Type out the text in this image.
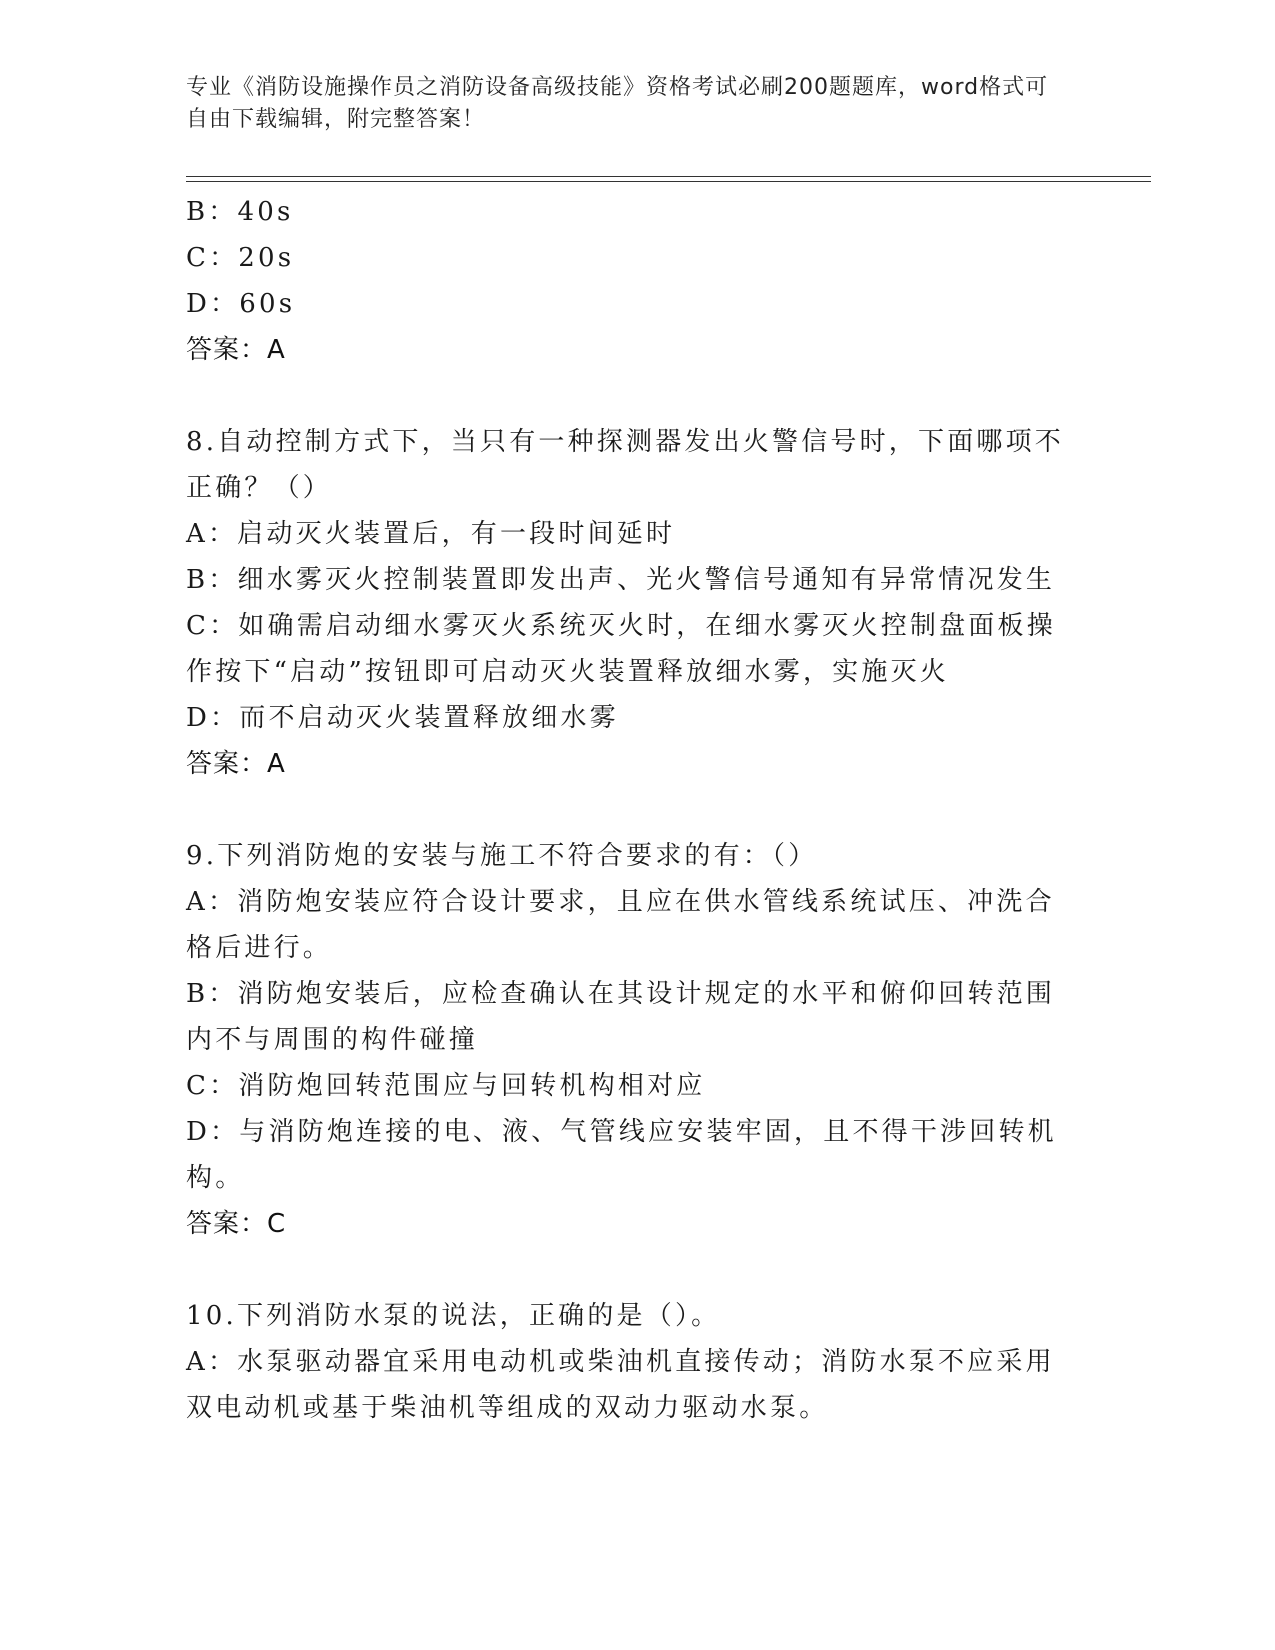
专业《消防设施操作员之消防设备高级技能》资格考试必刷200题题库，word格式可自由下载编辑，附完整答案！
B：40s
C：20s
D：60s
答案：A
8.自动控制方式下，当只有一种探测器发出火警信号时，下面哪项不正确？（）
A：启动灭火装置后，有一段时间延时
B：细水雾灭火控制装置即发出声、光火警信号通知有异常情况发生
C：如确需启动细水雾灭火系统灭火时，在细水雾灭火控制盘面板操作按下“启动”按钮即可启动灭火装置释放细水雾，实施灭火
D：而不启动灭火装置释放细水雾
答案：A
9.下列消防炮的安装与施工不符合要求的有：（）
A：消防炮安装应符合设计要求，且应在供水管线系统试压、冲洗合格后进行。
B：消防炮安装后，应检查确认在其设计规定的水平和俯仰回转范围内不与周围的构件碰撞
C：消防炮回转范围应与回转机构相对应
D：与消防炮连接的电、液、气管线应安装牢固，且不得干涉回转机构。
答案：C
10.下列消防水泵的说法，正确的是（）。
A：水泵驱动器宜采用电动机或柴油机直接传动；消防水泵不应采用双电动机或基于柴油机等组成的双动力驱动水泵。
